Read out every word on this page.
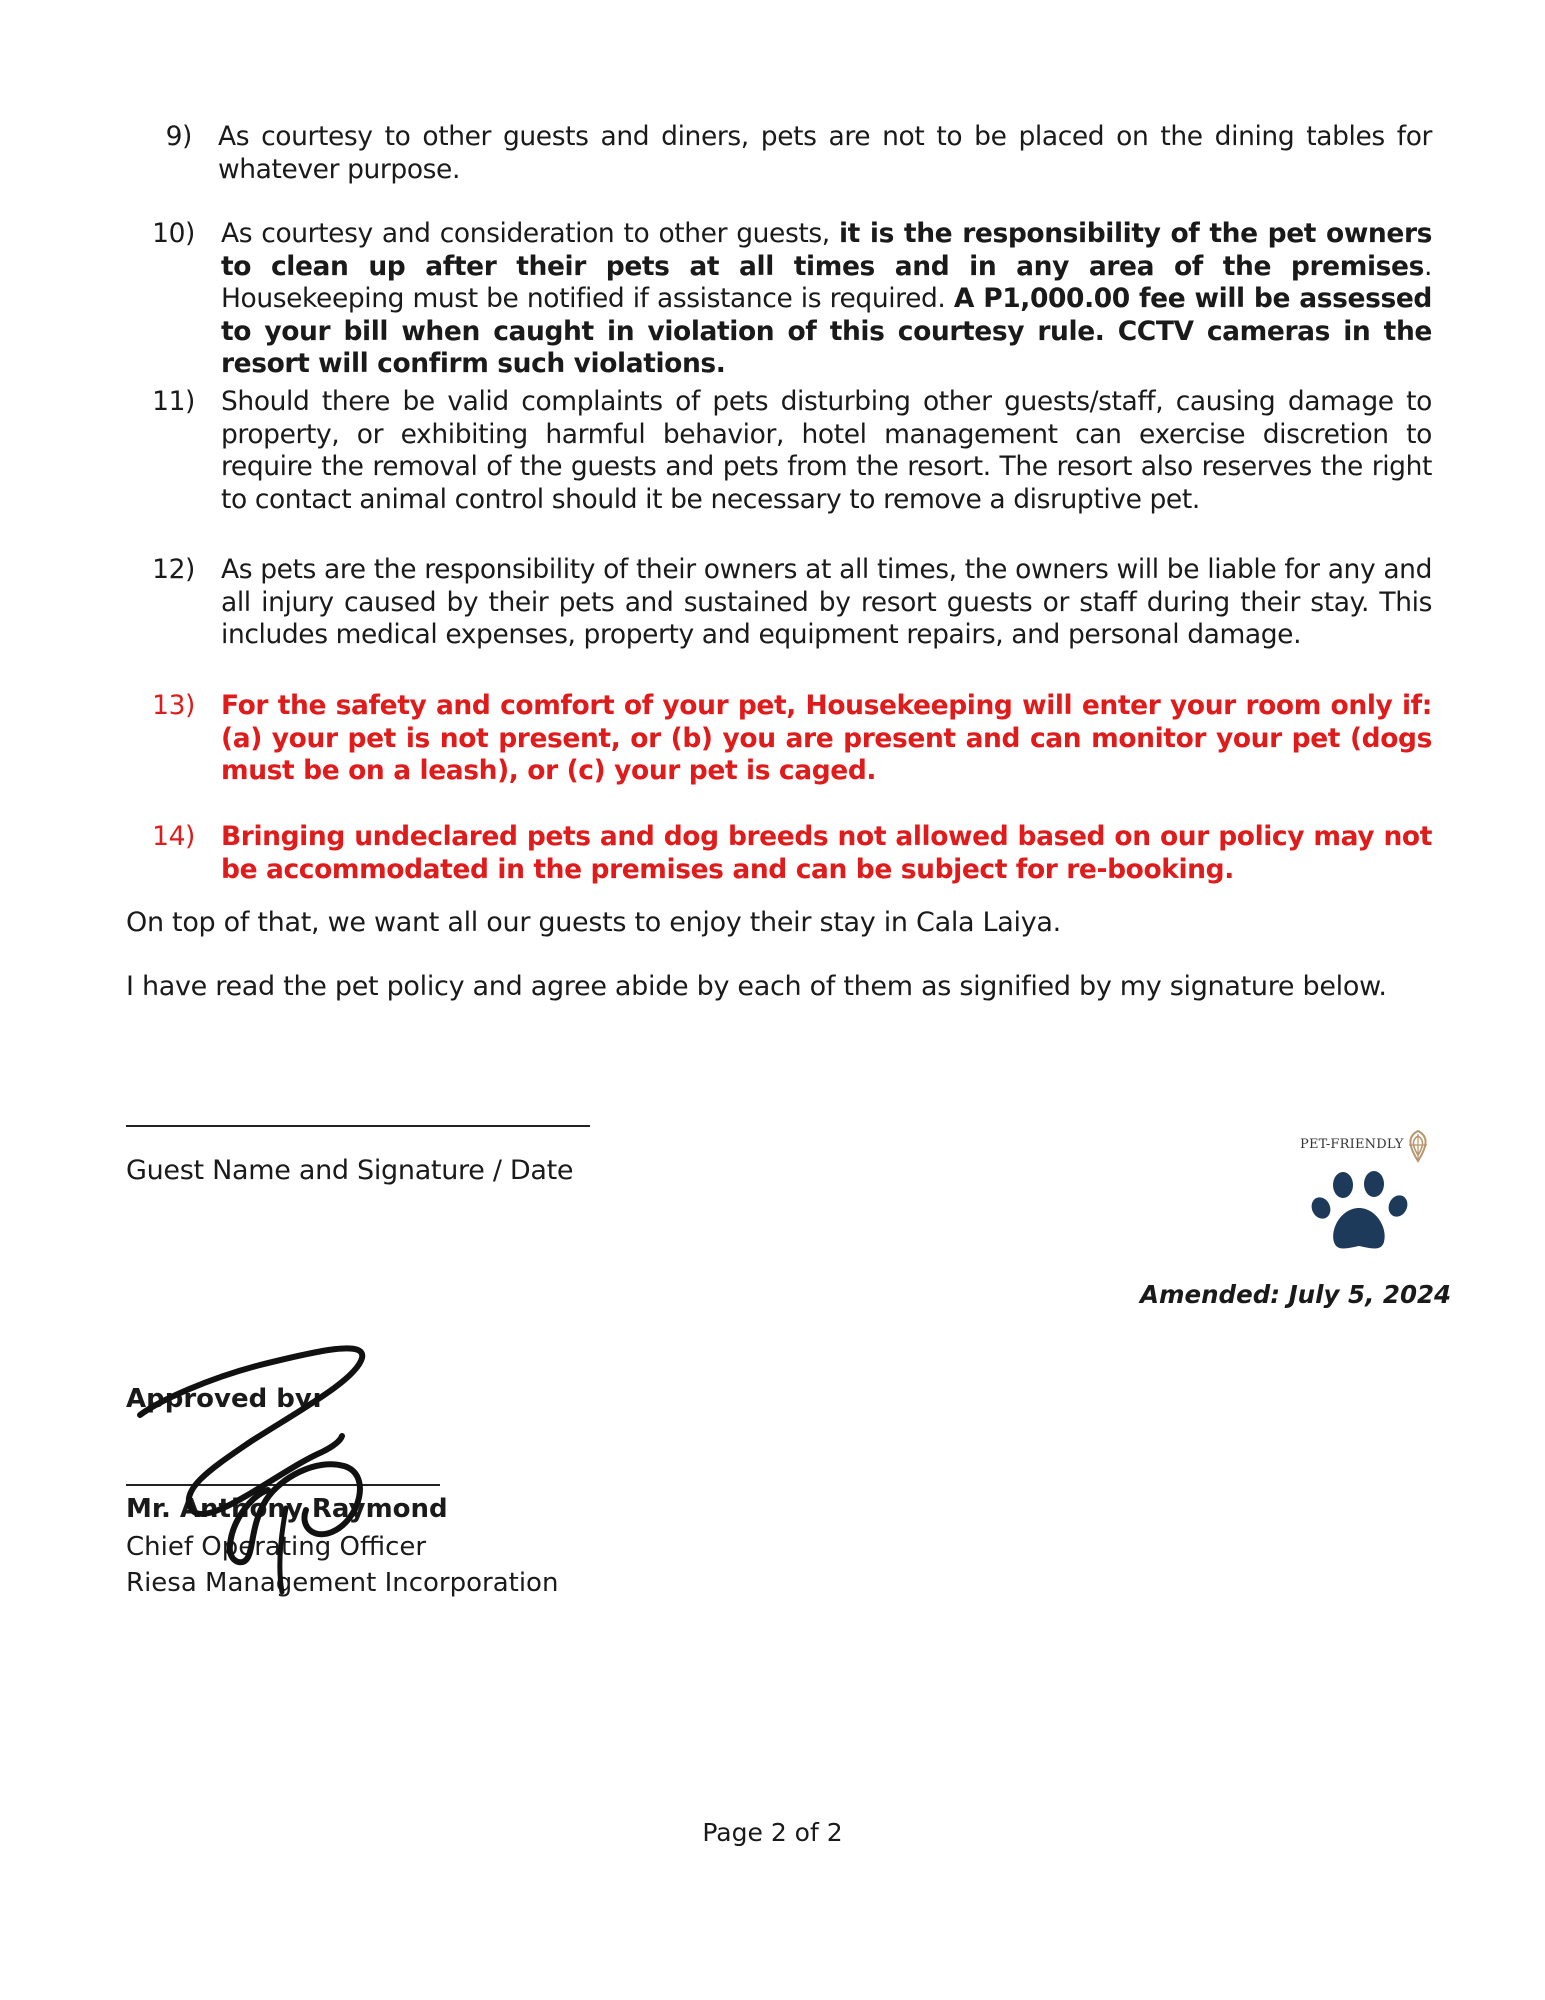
9) As courtesy to other guests and diners, pets are not to be placed on the dining tables for whatever purpose.
10) As courtesy and consideration to other guests, it is the responsibility of the pet owners to clean up after their pets at all times and in any area of the premises. Housekeeping must be notified if assistance is required. A P1,000.00 fee will be assessed to your bill when caught in violation of this courtesy rule. CCTV cameras in the resort will confirm such violations.
11) Should there be valid complaints of pets disturbing other guests/staff, causing damage to property, or exhibiting harmful behavior, hotel management can exercise discretion to require the removal of the guests and pets from the resort. The resort also reserves the right to contact animal control should it be necessary to remove a disruptive pet.
12) As pets are the responsibility of their owners at all times, the owners will be liable for any and all injury caused by their pets and sustained by resort guests or staff during their stay. This includes medical expenses, property and equipment repairs, and personal damage.
13) For the safety and comfort of your pet, Housekeeping will enter your room only if: (a) your pet is not present, or (b) you are present and can monitor your pet (dogs must be on a leash), or (c) your pet is caged.
14) Bringing undeclared pets and dog breeds not allowed based on our policy may not be accommodated in the premises and can be subject for re-booking.
On top of that, we want all our guests to enjoy their stay in Cala Laiya.
I have read the pet policy and agree abide by each of them as signified by my signature below.
Guest Name and Signature / Date
PET-FRIENDLY
Amended: July 5, 2024
Approved by:
Mr. Anthony Raymond
Chief Operating Officer
Riesa Management Incorporation
Page 2 of 2
